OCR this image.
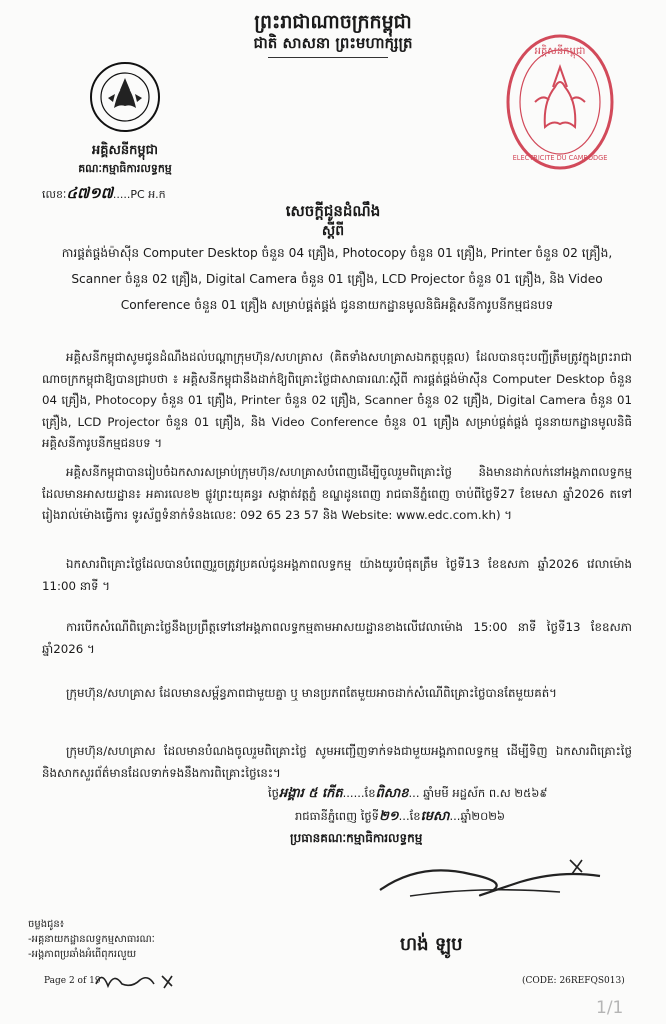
ព្រះរាជាណាចក្រកម្ពុជា
ជាតិ សាសនា ព្រះមហាក្សត្រ
អគ្គិសនីកម្ពុជា
គណៈកម្មាធិការលទ្ធកម្ម
លេខៈ៤៧១៧.....PC អ.ក
អគ្គិសនីកម្ពុជា
ELECTRICITE DU CAMBODGE
សេចក្តីជូនដំណឹង
ស្តីពី
ការផ្គត់ផ្គង់ម៉ាស៊ីន Computer Desktop ចំនួន 04 គ្រឿង, Photocopy ចំនួន 01 គ្រឿង, Printer ចំនួន 02 គ្រឿង,
Scanner ចំនួន 02 គ្រឿង, Digital Camera ចំនួន 01 គ្រឿង, LCD Projector ចំនួន 01 គ្រឿង, និង Video
Conference ចំនួន 01 គ្រឿង សម្រាប់ផ្គត់ផ្គង់ ជូននាយកដ្ឋានមូលនិធិអគ្គិសនីការូបនីកម្មជនបទ
អគ្គិសនីកម្ពុជាសូមជូនដំណឹងដល់បណ្តាក្រុមហ៊ុន/សហគ្រាស (គិតទាំងសហគ្រាសឯកត្តបុគ្គល) ដែលបានចុះបញ្ជីត្រឹមត្រូវក្នុងព្រះរាជាណាចក្រកម្ពុជាឱ្យបានជ្រាបថា ៖ អគ្គិសនីកម្ពុជានឹងដាក់ឱ្យពិគ្រោះថ្លៃជាសាធារណៈស្តីពី ការផ្គត់ផ្គង់ម៉ាស៊ីន Computer Desktop ចំនួន 04 គ្រឿង, Photocopy ចំនួន 01 គ្រឿង, Printer ចំនួន 02 គ្រឿង, Scanner ចំនួន 02 គ្រឿង, Digital Camera ចំនួន 01 គ្រឿង, LCD Projector ចំនួន 01 គ្រឿង, និង Video Conference ចំនួន 01 គ្រឿង សម្រាប់ផ្គត់ផ្គង់ ជូននាយកដ្ឋានមូលនិធិអគ្គិសនីការូបនីកម្មជនបទ ។
អគ្គិសនីកម្ពុជាបានរៀបចំឯកសារសម្រាប់ក្រុមហ៊ុន/សហគ្រាសបំពេញដើម្បីចូលរួមពិគ្រោះថ្លៃ និងមានដាក់លក់នៅអង្គភាពលទ្ធកម្ម ដែលមានអាសយដ្ឋាន៖ អគារលេខ២ ផ្លូវព្រះយុគន្ធរ សង្កាត់វត្តភ្នំ ខណ្ឌដូនពេញ រាជធានីភ្នំពេញ ចាប់ពីថ្ងៃទី27 ខែមេសា ឆ្នាំ2026 តទៅរៀងរាល់ម៉ោងធ្វើការ ទូរស័ព្ទទំនាក់ទំនងលេខៈ 092 65 23 57 និង Website: www.edc.com.kh) ។
ឯកសារពិគ្រោះថ្លៃដែលបានបំពេញរួចត្រូវប្រគល់ជូនអង្គភាពលទ្ធកម្ម យ៉ាងយូរបំផុតត្រឹម ថ្ងៃទី13 ខែឧសភា ឆ្នាំ2026 វេលាម៉ោង 11:00 នាទី ។
ការបើកសំណើពិគ្រោះថ្លៃនឹងប្រព្រឹត្តទៅនៅអង្គភាពលទ្ធកម្មតាមអាសយដ្ឋានខាងលើវេលាម៉ោង 15:00 នាទី ថ្ងៃទី13 ខែឧសភា ឆ្នាំ2026 ។
ក្រុមហ៊ុន/សហគ្រាស ដែលមានសម្ព័ន្ធភាពជាមួយគ្នា ឬ មានប្រភពតែមួយអាចដាក់សំណើពិគ្រោះថ្លៃបានតែមួយគត់។
ក្រុមហ៊ុន/សហគ្រាស ដែលមានបំណងចូលរួមពិគ្រោះថ្លៃ សូមអញ្ជើញទាក់ទងជាមួយអង្គភាពលទ្ធកម្ម ដើម្បីទិញ ឯកសារពិគ្រោះថ្លៃ និងសាកសួរព័ត៌មានដែលទាក់ទងនឹងការពិគ្រោះថ្លៃនេះ។
ថ្ងៃអង្គារ ៥ កើត......ខែពិសាខ... ឆ្នាំមមី អដ្ឋស័ក ព.ស ២៥៦៩
រាជធានីភ្នំពេញ ថ្ងៃទី២១...ខែមេសា...ឆ្នាំ២០២៦
ប្រធានគណៈកម្មាធិការលទ្ធកម្ម
ហង់ ឡូប
ចម្លងជូន៖
-អគ្គនាយកដ្ឋានលទ្ធកម្មសាធារណៈ
-អង្គភាពប្រឆាំងអំពើពុករលួយ
Page 2 of 19	(CODE: 26REFQS013)
1/1
